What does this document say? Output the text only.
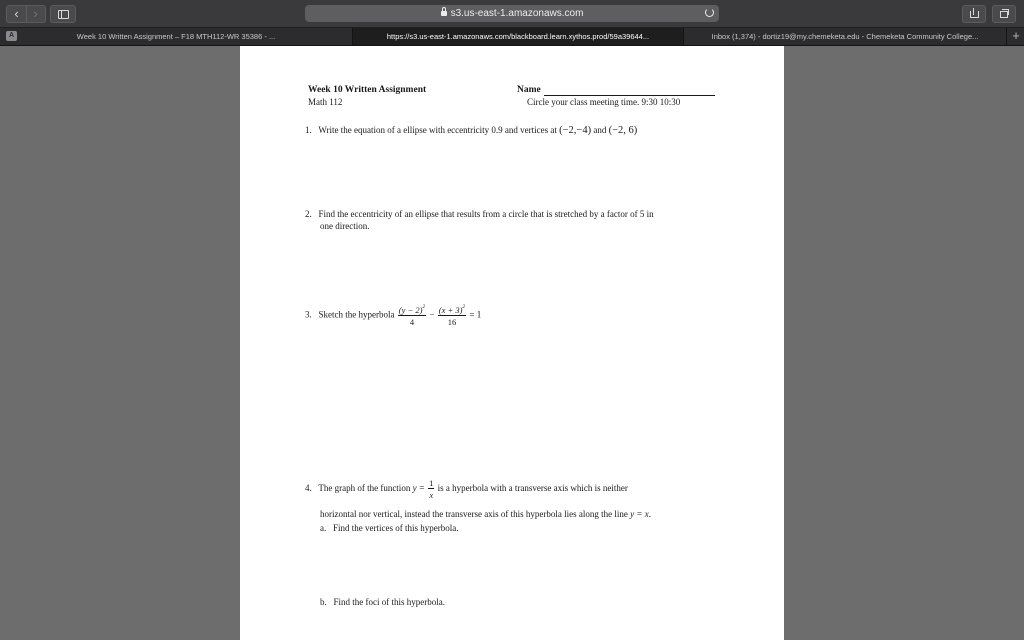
‹	›	s3.us-east-1.amazonaws.com
Week 10 Written Assignment – F18 MTH112-WR 35386 - ...	https://s3.us-east-1.amazonaws.com/blackboard.learn.xythos.prod/59a39644...	Inbox (1,374) - dortiz19@my.chemeketa.edu - Chemeketa Community College...
A	+
Week 10 Written Assignment
Math 112
Name
Circle your class meeting time. 9:30 10:30
1. Write the equation of a ellipse with eccentricity 0.9 and vertices at (−2,−4) and (−2, 6)
2. Find the eccentricity of an ellipse that results from a circle that is stretched by a factor of 5 in
one direction.
3. Sketch the hyperbola $\frac{(y - 2)^2}{4} - \frac{(x + 3)^2}{16} = 1$
4. The graph of the function $y = \frac{1}{x}$ is a hyperbola with a transverse axis which is neither
horizontal nor vertical, instead the transverse axis of this hyperbola lies along the line y = x.
a. Find the vertices of this hyperbola.
b. Find the foci of this hyperbola.
